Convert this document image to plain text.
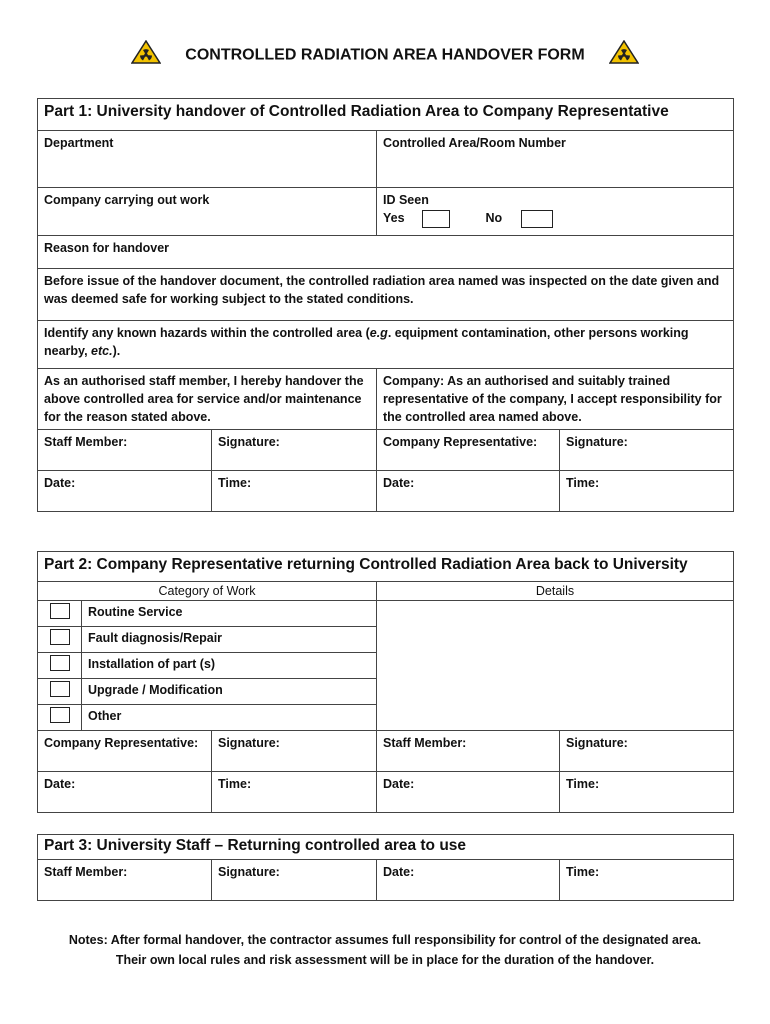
CONTROLLED RADIATION AREA HANDOVER FORM
Part 1: University handover of Controlled Radiation Area to Company Representative			
Department		Controlled Area/Room Number	
Company carrying out work		ID Seen
Yes No	

Reason for handover			
Before issue of the handover document, the controlled radiation area named was inspected on the date given and was deemed safe for working subject to the stated conditions.			
Identify any known hazards within the controlled area (e.g. equipment contamination, other persons working nearby, etc.).			
As an authorised staff member, I hereby handover the above controlled area for service and/or maintenance for the reason stated above.		Company: As an authorised and suitably trained representative of the company, I accept responsibility for the controlled area named above.	
Staff Member:	Signature:	Company Representative:	Signature:
Date:	Time:	Date:	Time:
Part 2: Company Representative returning Controlled Radiation Area back to University				
Category of Work			Details	
	Routine Service			
	Fault diagnosis/Repair			
	Installation of part (s)			
	Upgrade / Modification			
	Other			
Company Representative:		Signature:	Staff Member:	Signature:
Date:		Time:	Date:	Time:
Part 3: University Staff – Returning controlled area to use
Staff Member:	Signature:	Date:	Time:
Notes: After formal handover, the contractor assumes full responsibility for control of the designated area.
Their own local rules and risk assessment will be in place for the duration of the handover.
